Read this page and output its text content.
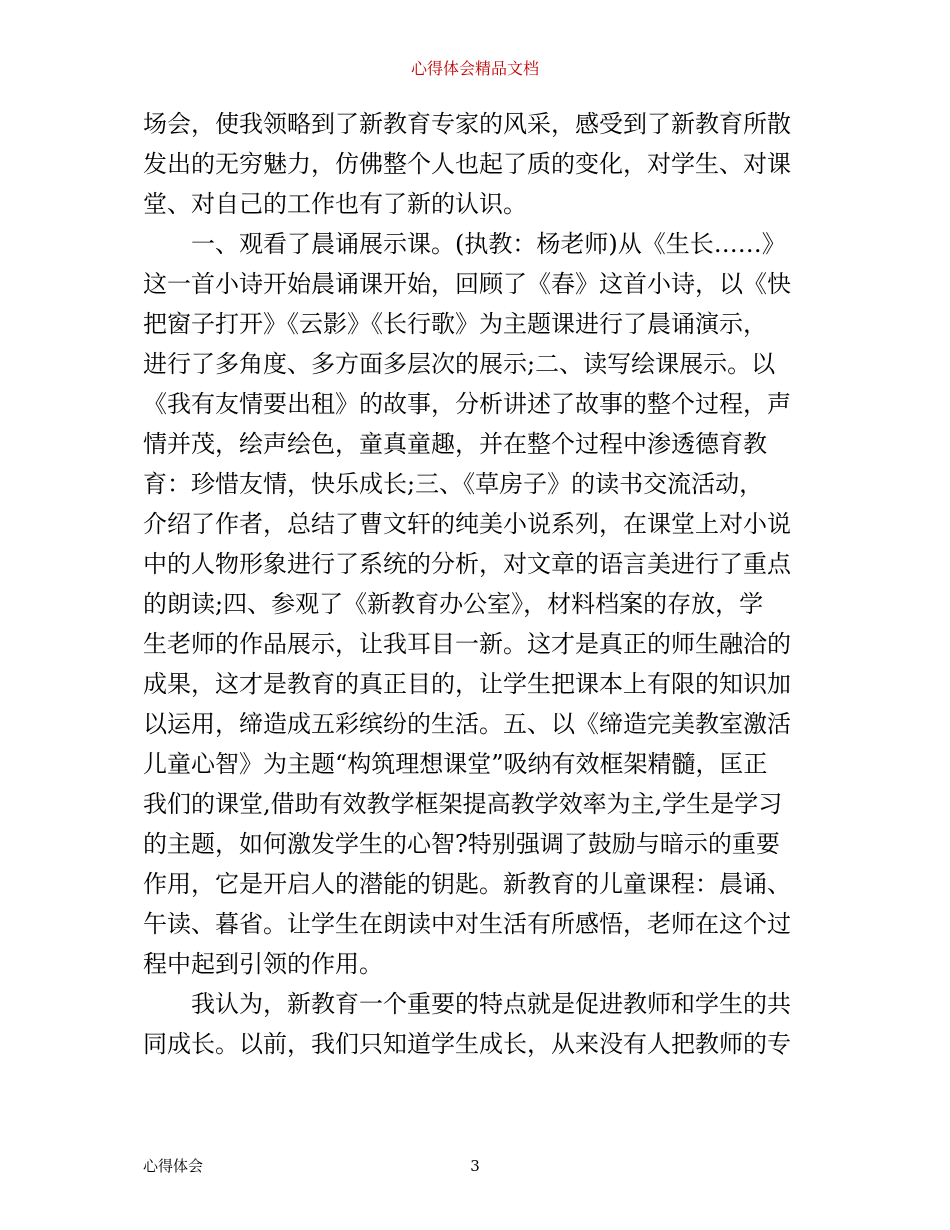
心得体会精品文档
场会，使我领略到了新教育专家的风采，感受到了新教育所散
发出的无穷魅力，仿佛整个人也起了质的变化，对学生、对课
堂、对自己的工作也有了新的认识。
　　一、观看了晨诵展示课。(执教：杨老师)从《生长……》
这一首小诗开始晨诵课开始，回顾了《春》这首小诗，以《快
把窗子打开》《云影》《长行歌》为主题课进行了晨诵演示，
进行了多角度、多方面多层次的展示;二、读写绘课展示。以
《我有友情要出租》的故事，分析讲述了故事的整个过程，声
情并茂，绘声绘色，童真童趣，并在整个过程中渗透德育教
育：珍惜友情，快乐成长;三、《草房子》的读书交流活动，
介绍了作者，总结了曹文轩的纯美小说系列，在课堂上对小说
中的人物形象进行了系统的分析，对文章的语言美进行了重点
的朗读;四、参观了《新教育办公室》，材料档案的存放，学
生老师的作品展示，让我耳目一新。这才是真正的师生融洽的
成果，这才是教育的真正目的，让学生把课本上有限的知识加
以运用，缔造成五彩缤纷的生活。五、以《缔造完美教室激活
儿童心智》为主题“构筑理想课堂”吸纳有效框架精髓，匡正
我们的课堂,借助有效教学框架提高教学效率为主,学生是学习
的主题，如何激发学生的心智?特别强调了鼓励与暗示的重要
作用，它是开启人的潜能的钥匙。新教育的儿童课程：晨诵、
午读、暮省。让学生在朗读中对生活有所感悟，老师在这个过
程中起到引领的作用。
　　我认为，新教育一个重要的特点就是促进教师和学生的共
同成长。以前，我们只知道学生成长，从来没有人把教师的专
心得体会	3
